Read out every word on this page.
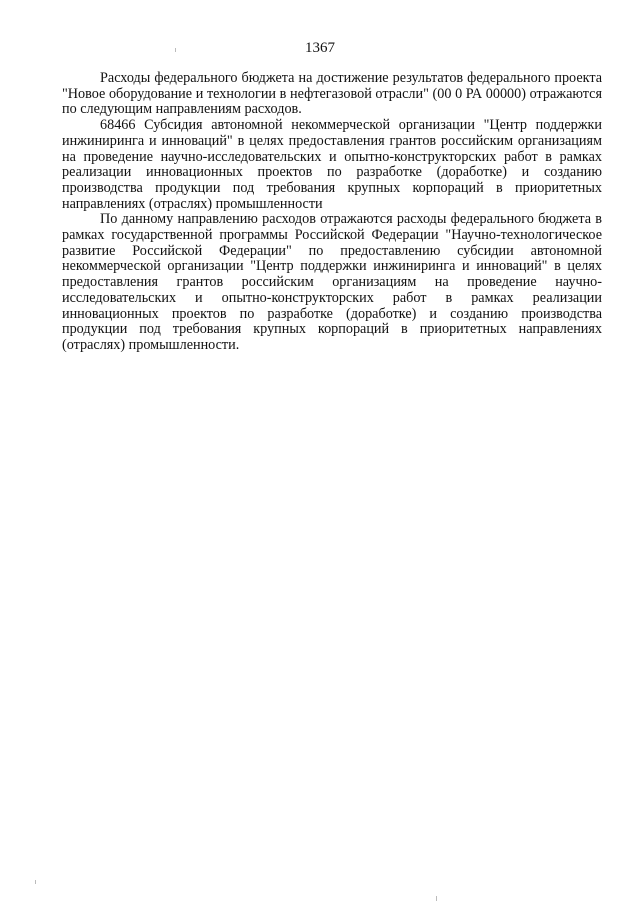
1367

Расходы федерального бюджета на достижение результатов федерального проекта "Новое оборудование и технологии в нефтегазовой отрасли" (00 0 РА 00000) отражаются по следующим направлениям расходов.

68466 Субсидия автономной некоммерческой организации "Центр поддержки инжиниринга и инноваций" в целях предоставления грантов российским организациям на проведение научно-исследовательских и опытно-конструкторских работ в рамках реализации инновационных проектов по разработке (доработке) и созданию производства продукции под требования крупных корпораций в приоритетных направлениях (отраслях) промышленности

По данному направлению расходов отражаются расходы федерального бюджета в рамках государственной программы Российской Федерации "Научно-технологическое развитие Российской Федерации" по предоставлению субсидии автономной некоммерческой организации "Центр поддержки инжиниринга и инноваций" в целях предоставления грантов российским организациям на проведение научно-исследовательских и опытно-конструкторских работ в рамках реализации инновационных проектов по разработке (доработке) и созданию производства продукции под требования крупных корпораций в приоритетных направлениях (отраслях) промышленности.
